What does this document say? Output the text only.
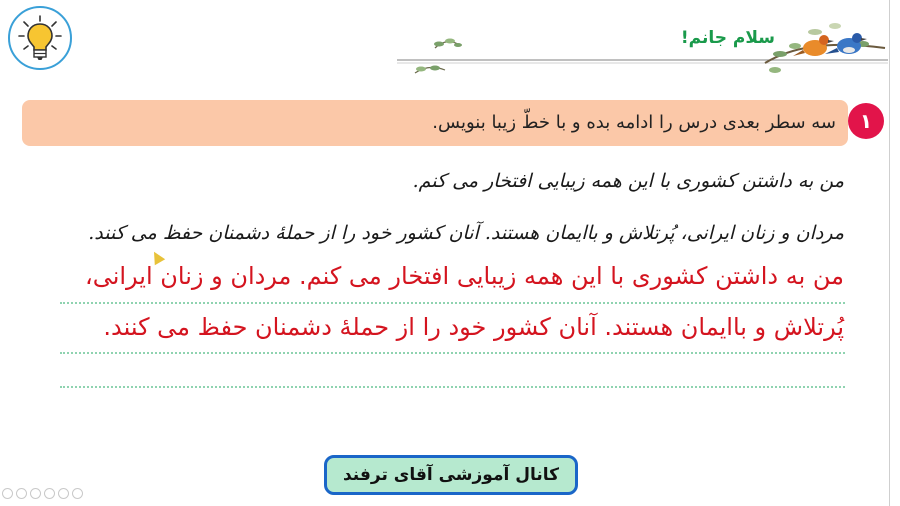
سلام جانم!
۱
سه سطر بعدی درس را ادامه بده و با خطّ زیبا بنویس.
من به داشتن کشوری با این همه زیبایی افتخار می کنم.
مردان و زنان ایرانی، پُرتلاش و باایمان هستند. آنان کشور خود را از حملهٔ دشمنان حفظ می کنند.
من به داشتن کشوری با این همه زیبایی افتخار می کنم. مردان و زنان ایرانی،
پُرتلاش و باایمان هستند. آنان کشور خود را از حملهٔ دشمنان حفظ می کنند.
کانال آموزشی آقای ترفند
